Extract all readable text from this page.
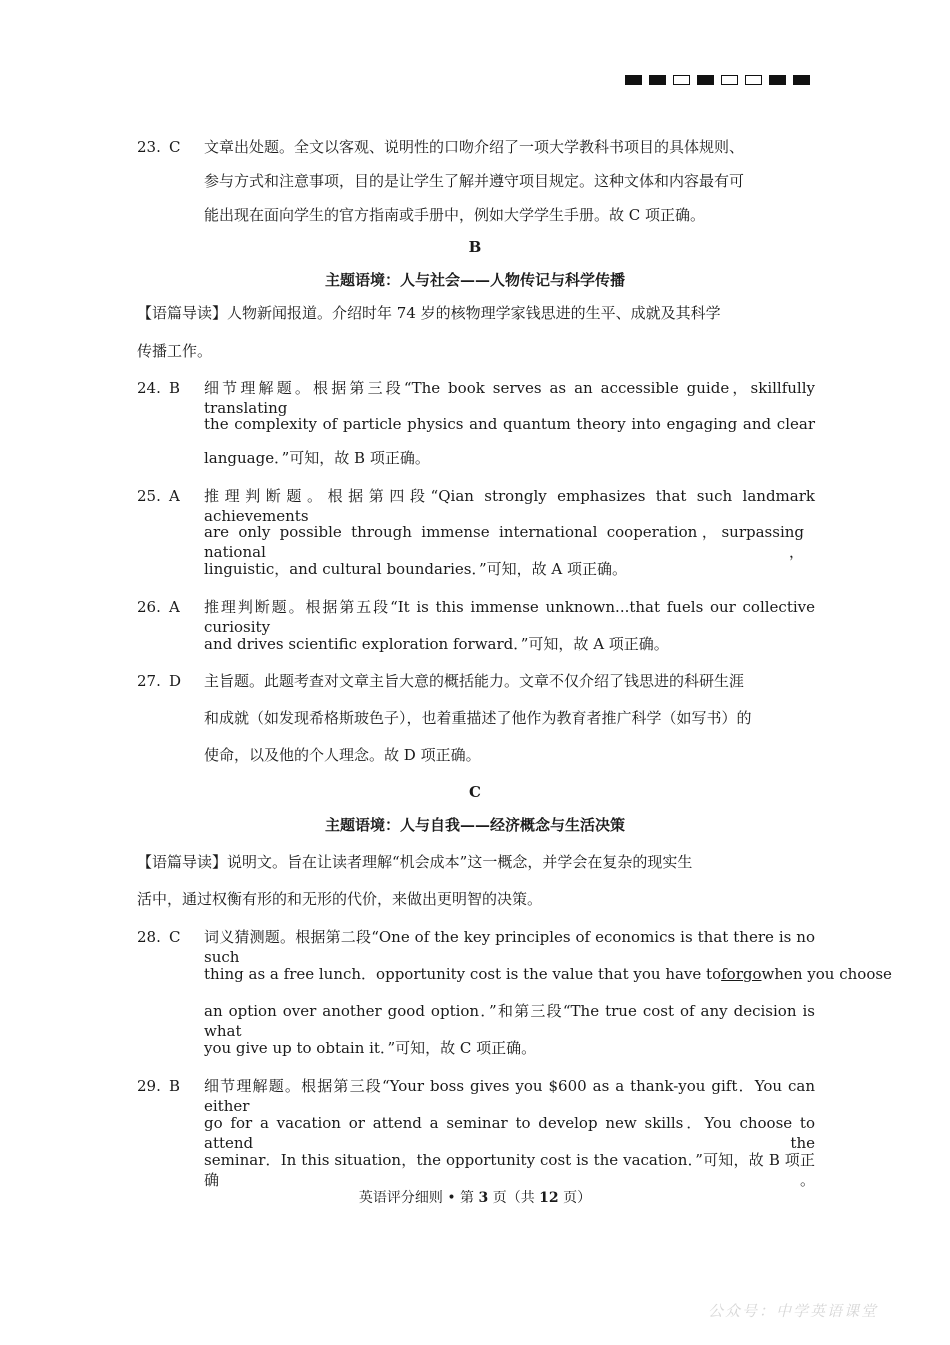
23. C 文章出处题。全文以客观、说明性的口吻介绍了一项大学教科书项目的具体规则、
参与方式和注意事项，目的是让学生了解并遵守项目规定。这种文体和内容最有可
能出现在面向学生的官方指南或手册中，例如大学学生手册。故 C 项正确。
B
主题语境：人与社会——人物传记与科学传播
【语篇导读】人物新闻报道。介绍时年 74 岁的核物理学家钱思进的生平、成就及其科学
传播工作。
24. B 细节理解题。根据第三段“The book serves as an accessible guide，skillfully translating
the complexity of particle physics and quantum theory into engaging and clear
language．”可知，故 B 项正确。
25. A 推理判断题。根据第四段“Qian strongly emphasizes that such landmark achievements
are only possible through immense international cooperation，surpassing national，
linguistic，and cultural boundaries．”可知，故 A 项正确。
26. A 推理判断题。根据第五段“It is this immense unknown...that fuels our collective curiosity
and drives scientific exploration forward．”可知，故 A 项正确。
27. D 主旨题。此题考查对文章主旨大意的概括能力。文章不仅介绍了钱思进的科研生涯
和成就（如发现希格斯玻色子），也着重描述了他作为教育者推广科学（如写书）的
使命，以及他的个人理念。故 D 项正确。
C
主题语境：人与自我——经济概念与生活决策
【语篇导读】说明文。旨在让读者理解“机会成本”这一概念，并学会在复杂的现实生
活中，通过权衡有形的和无形的代价，来做出更明智的决策。
28. C 词义猜测题。根据第二段“One of the key principles of economics is that there is no such
thing as a free lunch．opportunity cost is the value that you have to forgo when you choose
an option over another good option．”和第三段“The true cost of any decision is what
you give up to obtain it．”可知，故 C 项正确。
29. B 细节理解题。根据第三段“Your boss gives you $600 as a thank-you gift．You can either
go for a vacation or attend a seminar to develop new skills．You choose to attend the
seminar．In this situation，the opportunity cost is the vacation．”可知，故 B 项正确。
英语评分细则 • 第 3 页（共 12 页）
公众号：中学英语课堂
